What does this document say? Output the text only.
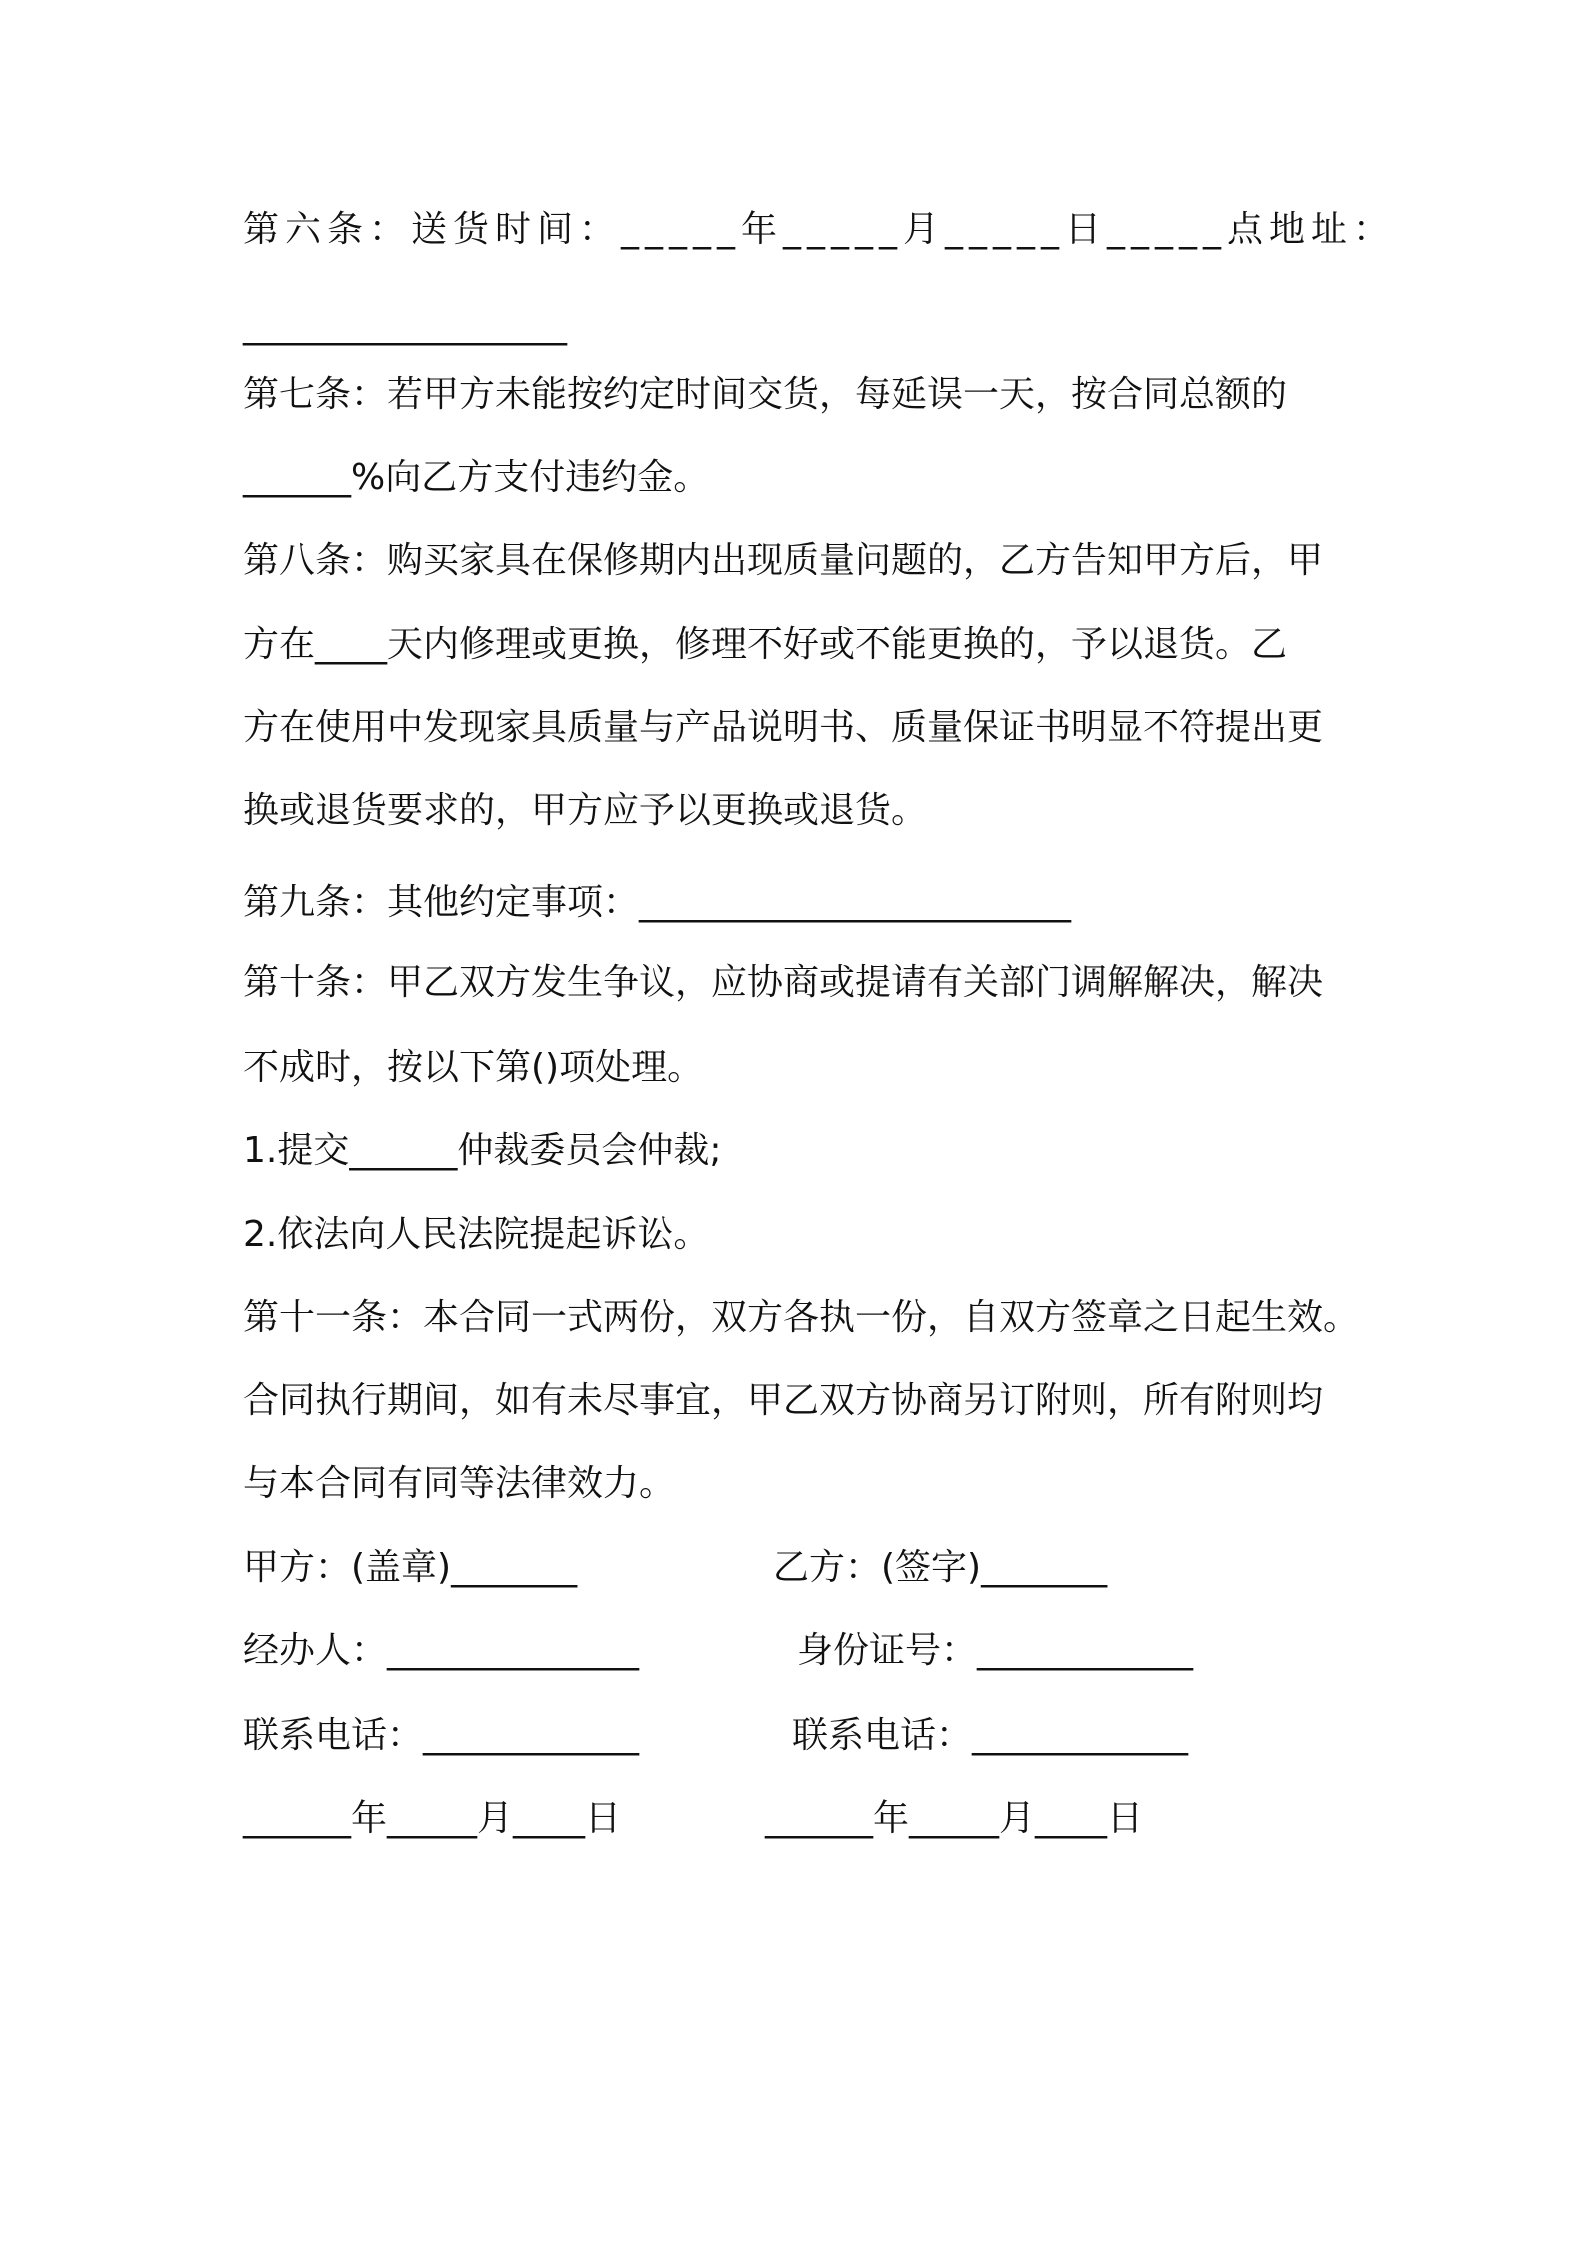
第六条：送货时间：_____年_____月_____日_____点地址：
__________________
第七条：若甲方未能按约定时间交货，每延误一天，按合同总额的
______%向乙方支付违约金。
第八条：购买家具在保修期内出现质量问题的，乙方告知甲方后，甲
方在____天内修理或更换，修理不好或不能更换的，予以退货。乙
方在使用中发现家具质量与产品说明书、质量保证书明显不符提出更
换或退货要求的，甲方应予以更换或退货。
第九条：其他约定事项：________________________
第十条：甲乙双方发生争议，应协商或提请有关部门调解解决，解决
不成时，按以下第()项处理。
1.提交______仲裁委员会仲裁;
2.依法向人民法院提起诉讼。
第十一条：本合同一式两份，双方各执一份，自双方签章之日起生效。
合同执行期间，如有未尽事宜，甲乙双方协商另订附则，所有附则均
与本合同有同等法律效力。
甲方：(盖章)_______	乙方：(签字)_______
经办人：______________	身份证号：____________
联系电话：____________	联系电话：____________
______年_____月____日	______年_____月____日
